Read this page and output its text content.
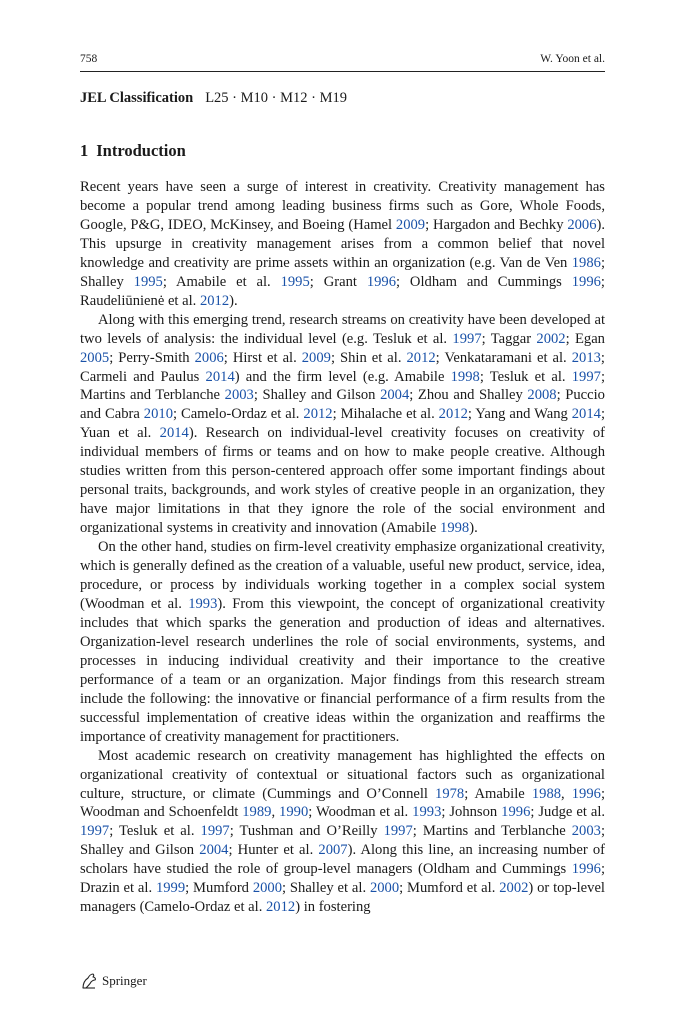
758	W. Yoon et al.
JEL Classification L25 · M10 · M12 · M19
1 Introduction

Recent years have seen a surge of interest in creativity. Creativity management has become a popular trend among leading business firms such as Gore, Whole Foods, Google, P&G, IDEO, McKinsey, and Boeing (Hamel 2009; Hargadon and Bechky 2006). This upsurge in creativity management arises from a common belief that novel knowledge and creativity are prime assets within an organization (e.g. Van de Ven 1986; Shalley 1995; Amabile et al. 1995; Grant 1996; Oldham and Cummings 1996; Raudeliūnienė et al. 2012).

Along with this emerging trend, research streams on creativity have been developed at two levels of analysis: the individual level (e.g. Tesluk et al. 1997; Taggar 2002; Egan 2005; Perry-Smith 2006; Hirst et al. 2009; Shin et al. 2012; Venkataramani et al. 2013; Carmeli and Paulus 2014) and the firm level (e.g. Amabile 1998; Tesluk et al. 1997; Martins and Terblanche 2003; Shalley and Gilson 2004; Zhou and Shalley 2008; Puccio and Cabra 2010; Camelo-Ordaz et al. 2012; Mihalache et al. 2012; Yang and Wang 2014; Yuan et al. 2014). Research on individual-level creativity focuses on creativity of individual members of firms or teams and on how to make people creative. Although studies written from this person-centered approach offer some important findings about personal traits, backgrounds, and work styles of creative people in an organization, they have major limitations in that they ignore the role of the social environment and organizational systems in creativity and innovation (Amabile 1998).

On the other hand, studies on firm-level creativity emphasize organizational creativity, which is generally defined as the creation of a valuable, useful new product, service, idea, procedure, or process by individuals working together in a complex social system (Woodman et al. 1993). From this viewpoint, the concept of organizational creativity includes that which sparks the generation and production of ideas and alternatives. Organization-level research underlines the role of social environments, systems, and processes in inducing individual creativity and their importance to the creative performance of a team or an organization. Major findings from this research stream include the following: the innovative or financial performance of a firm results from the successful implementation of creative ideas within the organization and reaffirms the importance of creativity management for practitioners.

Most academic research on creativity management has highlighted the effects on organizational creativity of contextual or situational factors such as organizational culture, structure, or climate (Cummings and O’Connell 1978; Amabile 1988, 1996; Woodman and Schoenfeldt 1989, 1990; Woodman et al. 1993; Johnson 1996; Judge et al. 1997; Tesluk et al. 1997; Tushman and O’Reilly 1997; Martins and Terblanche 2003; Shalley and Gilson 2004; Hunter et al. 2007). Along this line, an increasing number of scholars have studied the role of group-level managers (Oldham and Cummings 1996; Drazin et al. 1999; Mumford 2000; Shalley et al. 2000; Mumford et al. 2002) or top-level managers (Camelo-Ordaz et al. 2012) in fostering

Springer
